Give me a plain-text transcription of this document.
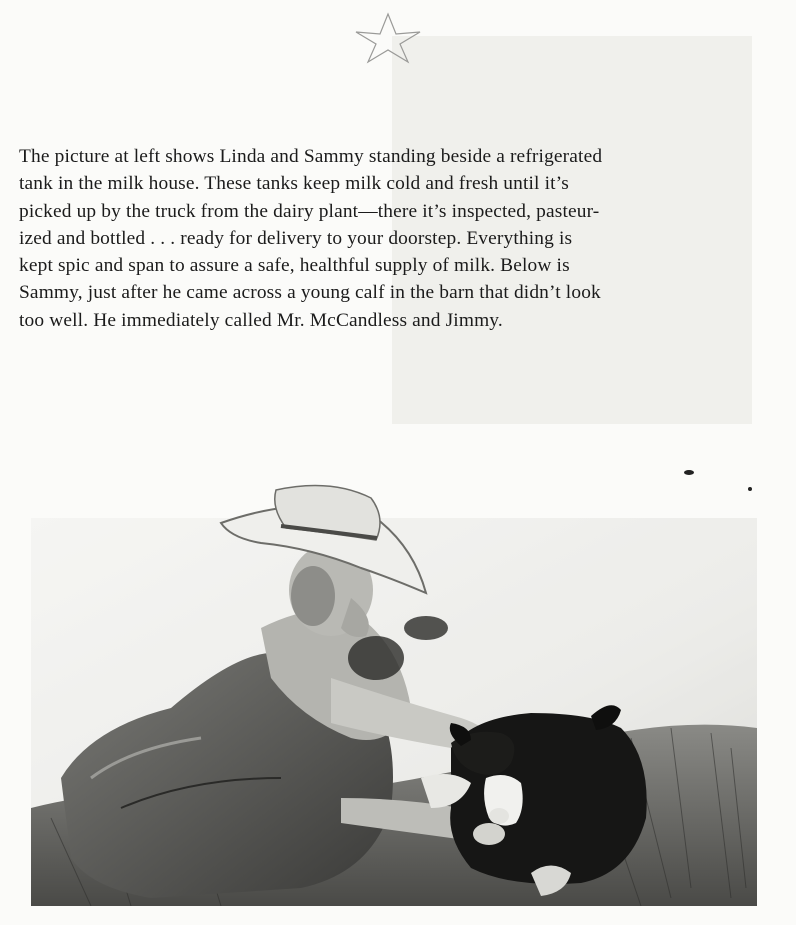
The picture at left shows Linda and Sammy standing beside a refrigerated
tank in the milk house. These tanks keep milk cold and fresh until it’s
picked up by the truck from the dairy plant—there it’s inspected, pasteur-
ized and bottled . . . ready for delivery to your doorstep. Everything is
kept spic and span to assure a safe, healthful supply of milk. Below is
Sammy, just after he came across a young calf in the barn that didn’t look
too well. He immediately called Mr. McCandless and Jimmy.
